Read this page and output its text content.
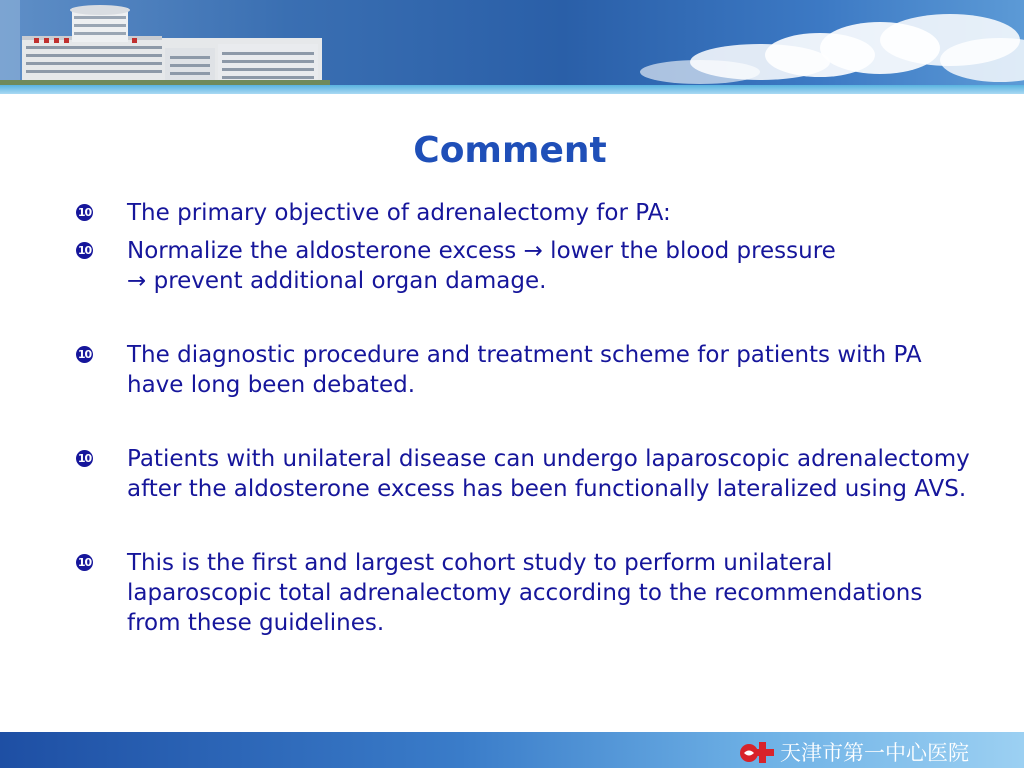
Comment
10 The primary objective of adrenalectomy for PA:
10 Normalize the aldosterone excess → lower the blood pressure
→ prevent additional organ damage.
10 The diagnostic procedure and treatment scheme for patients with PA have long been debated.
10 Patients with unilateral disease can undergo laparoscopic adrenalectomy after the aldosterone excess has been functionally lateralized using AVS.
10 This is the first and largest cohort study to perform unilateral laparoscopic total adrenalectomy according to the recommendations from these guidelines.
天津市第一中心医院
